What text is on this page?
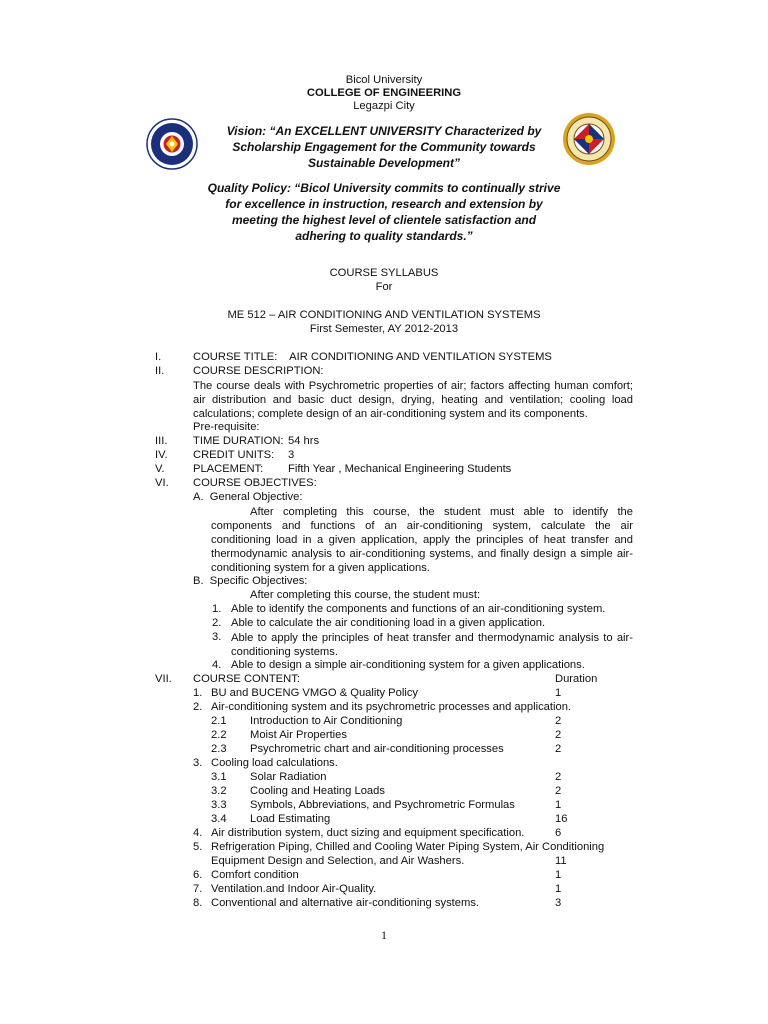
Bicol University
COLLEGE OF ENGINEERING
Legazpi City
Vision: “An EXCELLENT UNIVERSITY Characterized by
Scholarship Engagement for the Community towards
Sustainable Development”
Quality Policy: “Bicol University commits to continually strive
for excellence in instruction, research and extension by
meeting the highest level of clientele satisfaction and
adhering to quality standards.”
COURSE SYLLABUS
For
ME 512 – AIR CONDITIONING AND VENTILATION SYSTEMS
First Semester, AY 2012-2013
I.	COURSE TITLE:    AIR CONDITIONING AND VENTILATION SYSTEMS
II.	COURSE DESCRIPTION:
The course deals with Psychrometric properties of air; factors affecting human comfort; air distribution and basic duct design, drying, heating and ventilation; cooling load calculations; complete design of an air-conditioning system and its components.
Pre-requisite:
III. TIME DURATION: 54 hrs
IV. CREDIT UNITS: 3
V.	PLACEMENT: Fifth Year , Mechanical Engineering Students
VI. COURSE OBJECTIVES:
A.  General Objective:
After completing this course, the student must able to identify the components and functions of an air-conditioning system, calculate the air conditioning load in a given application, apply the principles of heat transfer and thermodynamic analysis to air-conditioning systems, and finally design a simple air-conditioning system for a given applications.
B.  Specific Objectives:
After completing this course, the student must:
1. Able to identify the components and functions of an air-conditioning system.
2. Able to calculate the air conditioning load in a given application.
3. Able to apply the principles of heat transfer and thermodynamic analysis to air-conditioning systems.
4. Able to design a simple air-conditioning system for a given applications.
VII. COURSE CONTENT:	Duration
1. BU and BUCENG VMGO & Quality Policy	1
2. Air-conditioning system and its psychrometric processes and application.
2.1 Introduction to Air Conditioning	2
2.2 Moist Air Properties	2
2.3 Psychrometric chart and air-conditioning processes	2
3. Cooling load calculations.
3.1 Solar Radiation	2
3.2 Cooling and Heating Loads	2
3.3 Symbols, Abbreviations, and Psychrometric Formulas	1
3.4 Load Estimating	16
4. Air distribution system, duct sizing and equipment specification.	6
5. Refrigeration Piping, Chilled and Cooling Water Piping System, Air Conditioning
Equipment Design and Selection, and Air Washers.	11
6. Comfort condition	1
7. Ventilation.and Indoor Air-Quality.	1
8. Conventional and alternative air-conditioning systems.	3
1
